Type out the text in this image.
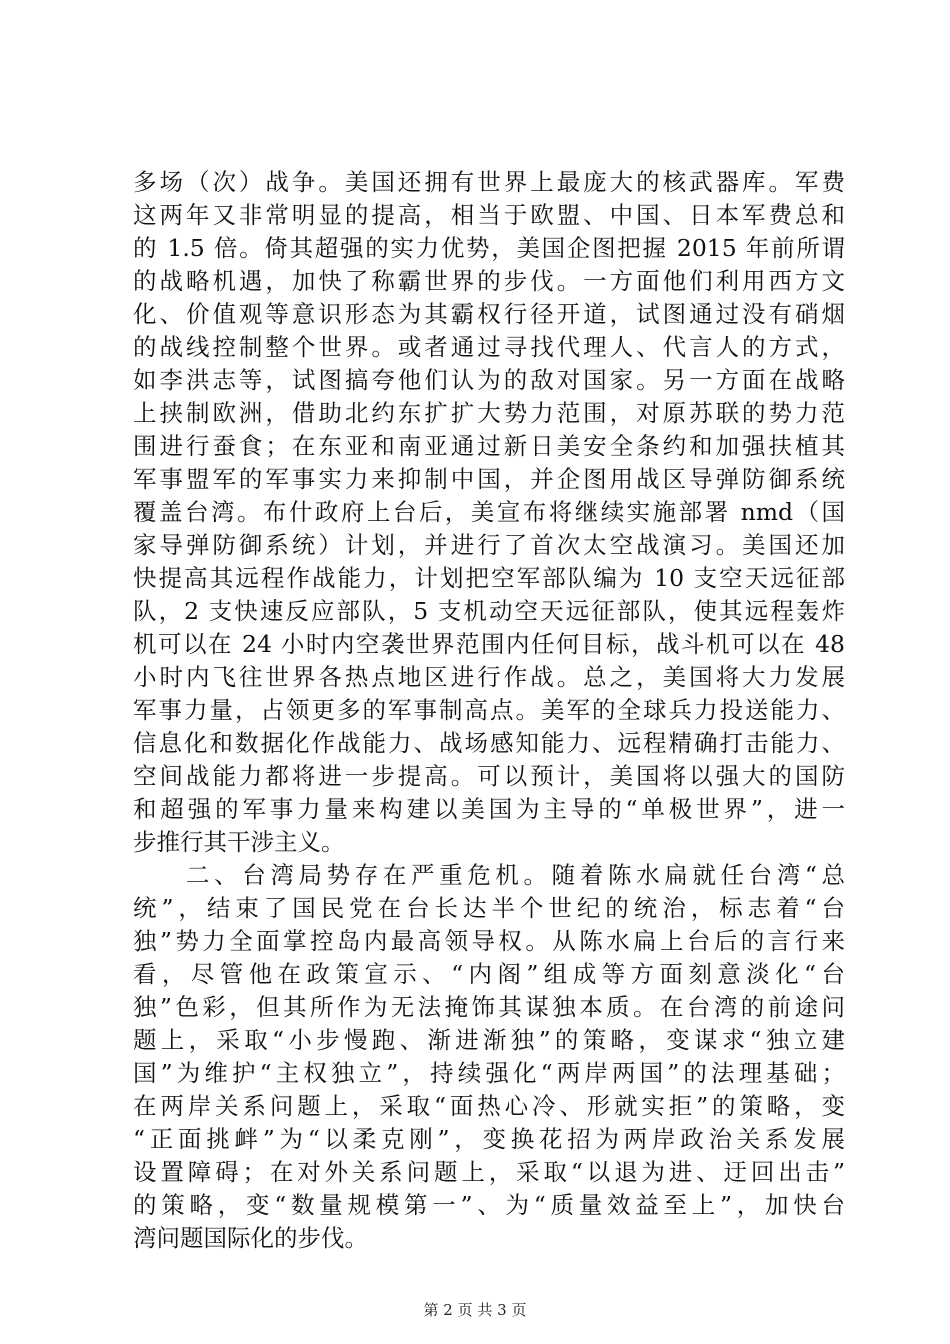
多场（次）战争。美国还拥有世界上最庞大的核武器库。军费
这两年又非常明显的提高，相当于欧盟、中国、日本军费总和
的 1.5 倍。倚其超强的实力优势，美国企图把握 2015 年前所谓
的战略机遇，加快了称霸世界的步伐。一方面他们利用西方文
化、价值观等意识形态为其霸权行径开道，试图通过没有硝烟
的战线控制整个世界。或者通过寻找代理人、代言人的方式，
如李洪志等，试图搞夸他们认为的敌对国家。另一方面在战略
上挟制欧洲，借助北约东扩扩大势力范围，对原苏联的势力范
围进行蚕食；在东亚和南亚通过新日美安全条约和加强扶植其
军事盟军的军事实力来抑制中国，并企图用战区导弹防御系统
覆盖台湾。布什政府上台后，美宣布将继续实施部署 nmd（国
家导弹防御系统）计划，并进行了首次太空战演习。美国还加
快提高其远程作战能力，计划把空军部队编为 10 支空天远征部
队，2 支快速反应部队，5 支机动空天远征部队，使其远程轰炸
机可以在 24 小时内空袭世界范围内任何目标，战斗机可以在 48
小时内飞往世界各热点地区进行作战。总之，美国将大力发展
军事力量，占领更多的军事制高点。美军的全球兵力投送能力、
信息化和数据化作战能力、战场感知能力、远程精确打击能力、
空间战能力都将进一步提高。可以预计，美国将以强大的国防
和超强的军事力量来构建以美国为主导的“单极世界”，进一
步推行其干涉主义。
二、台湾局势存在严重危机。随着陈水扁就任台湾“总
统”，结束了国民党在台长达半个世纪的统治，标志着“台
独”势力全面掌控岛内最高领导权。从陈水扁上台后的言行来
看，尽管他在政策宣示、“内阁”组成等方面刻意淡化“台
独”色彩，但其所作为无法掩饰其谋独本质。在台湾的前途问
题上，采取“小步慢跑、渐进渐独”的策略，变谋求“独立建
国”为维护“主权独立”，持续强化“两岸两国”的法理基础；
在两岸关系问题上，采取“面热心冷、形就实拒”的策略，变
“正面挑衅”为“以柔克刚”，变换花招为两岸政治关系发展
设置障碍；在对外关系问题上，采取“以退为进、迂回出击”
的策略，变“数量规模第一”、为“质量效益至上”，加快台
湾问题国际化的步伐。
第 2 页 共 3 页
